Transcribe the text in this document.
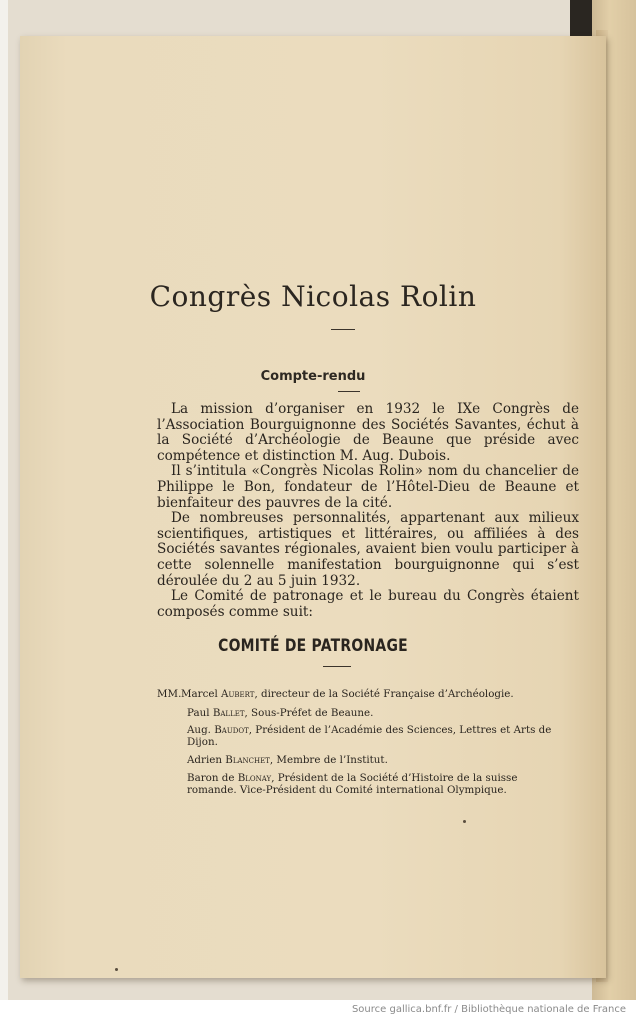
Congrès Nicolas Rolin
Compte-rendu

La mission d’organiser en 1932 le IXe Congrès de l’Association Bourguignonne des Sociétés Savantes, échut à la Société d’Archéologie de Beaune que préside avec compétence et distinction M. Aug. Dubois.

Il s’intitula «Congrès Nicolas Rolin» nom du chancelier de Philippe le Bon, fondateur de l’Hôtel-Dieu de Beaune et bienfaiteur des pauvres de la cité.

De nombreuses personnalités, appartenant aux milieux scientifiques, artistiques et littéraires, ou affiliées à des Sociétés savantes régionales, avaient bien voulu participer à cette solennelle manifestation bourguignonne qui s’est déroulée du 2 au 5 juin 1932.

Le Comité de patronage et le bureau du Congrès étaient composés comme suit:

COMITÉ DE PATRONAGE
MM. Marcel Aubert, directeur de la Société Française d’Archéologie.
Paul Ballet, Sous-Préfet de Beaune.
Aug. Baudot, Président de l’Académie des Sciences, Lettres et Arts de Dijon.
Adrien Blanchet, Membre de l’Institut.
Baron de Blonay, Président de la Société d’Histoire de la suisse romande. Vice-Président du Comité international Olympique.
Source gallica.bnf.fr / Bibliothèque nationale de France
